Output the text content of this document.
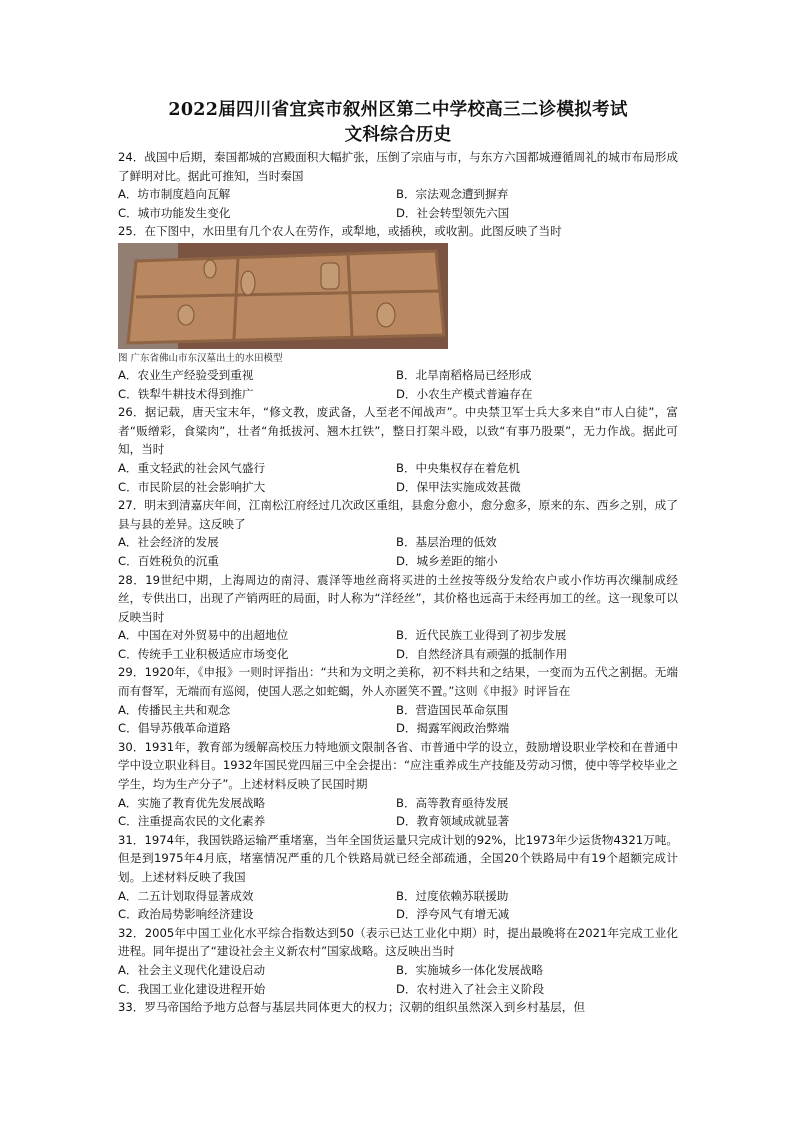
2022届四川省宜宾市叙州区第二中学校高三二诊模拟考试
文科综合历史
24．战国中后期，秦国都城的宫殿面积大幅扩张，压倒了宗庙与市，与东方六国都城遵循周礼的城市布局形成了鲜明对比。据此可推知，当时秦国
A．坊市制度趋向瓦解	B．宗法观念遭到摒弃
C．城市功能发生变化	D．社会转型领先六国
25．在下图中，水田里有几个农人在劳作，或犁地，或插秧，或收割。此图反映了当时
图 广东省佛山市东汉墓出土的水田模型
A．农业生产经验受到重视	B．北旱南稻格局已经形成
C．铁犁牛耕技术得到推广	D．小农生产模式普遍存在
26．据记载，唐天宝末年，“修文教，废武备，人至老不闻战声”。中央禁卫军士兵大多来自“市人白徒”，富者“贩缯彩，食粱肉”，壮者“角抵拔河、翘木扛铁”，整日打架斗殴，以致“有事乃股栗”，无力作战。据此可知，当时
A．重文轻武的社会风气盛行	B．中央集权存在着危机
C．市民阶层的社会影响扩大	D．保甲法实施成效甚微
27．明末到清嘉庆年间，江南松江府经过几次政区重组，县愈分愈小，愈分愈多，原来的东、西乡之别，成了县与县的差异。这反映了
A．社会经济的发展	B．基层治理的低效
C．百姓税负的沉重	D．城乡差距的缩小
28．19世纪中期，上海周边的南浔、震泽等地丝商将买进的土丝按等级分发给农户或小作坊再次缫制成经丝，专供出口，出现了产销两旺的局面，时人称为“洋经丝”，其价格也远高于未经再加工的丝。这一现象可以反映当时
A．中国在对外贸易中的出超地位	B．近代民族工业得到了初步发展
C．传统手工业积极适应市场变化	D．自然经济具有顽强的抵制作用
29．1920年，《申报》一则时评指出：“共和为文明之美称，初不料共和之结果，一变而为五代之割据。无端而有督军，无端而有巡阅，使国人恶之如蛇蝎，外人亦匿笑不置。”这则《申报》时评旨在
A．传播民主共和观念	B．营造国民革命氛围
C．倡导苏俄革命道路	D．揭露军阀政治弊端
30．1931年，教育部为缓解高校压力特地颁文限制各省、市普通中学的设立，鼓励增设职业学校和在普通中学中设立职业科目。1932年国民党四届三中全会提出：“应注重养成生产技能及劳动习惯，使中等学校毕业之学生，均为生产分子”。上述材料反映了民国时期
A．实施了教育优先发展战略	B．高等教育亟待发展
C．注重提高农民的文化素养	D．教育领域成就显著
31．1974年，我国铁路运输严重堵塞，当年全国货运量只完成计划的92%，比1973年少运货物4321万吨。但是到1975年4月底，堵塞情况严重的几个铁路局就已经全部疏通，全国20个铁路局中有19个超额完成计划。上述材料反映了我国
A．二五计划取得显著成效	B．过度依赖苏联援助
C．政治局势影响经济建设	D．浮夸风气有增无减
32．2005年中国工业化水平综合指数达到50（表示已达工业化中期）时，提出最晚将在2021年完成工业化进程。同年提出了“建设社会主义新农村”国家战略。这反映出当时
A．社会主义现代化建设启动	B．实施城乡一体化发展战略
C．我国工业化建设进程开始	D．农村进入了社会主义阶段
33．罗马帝国给予地方总督与基层共同体更大的权力；汉朝的组织虽然深入到乡村基层，但
